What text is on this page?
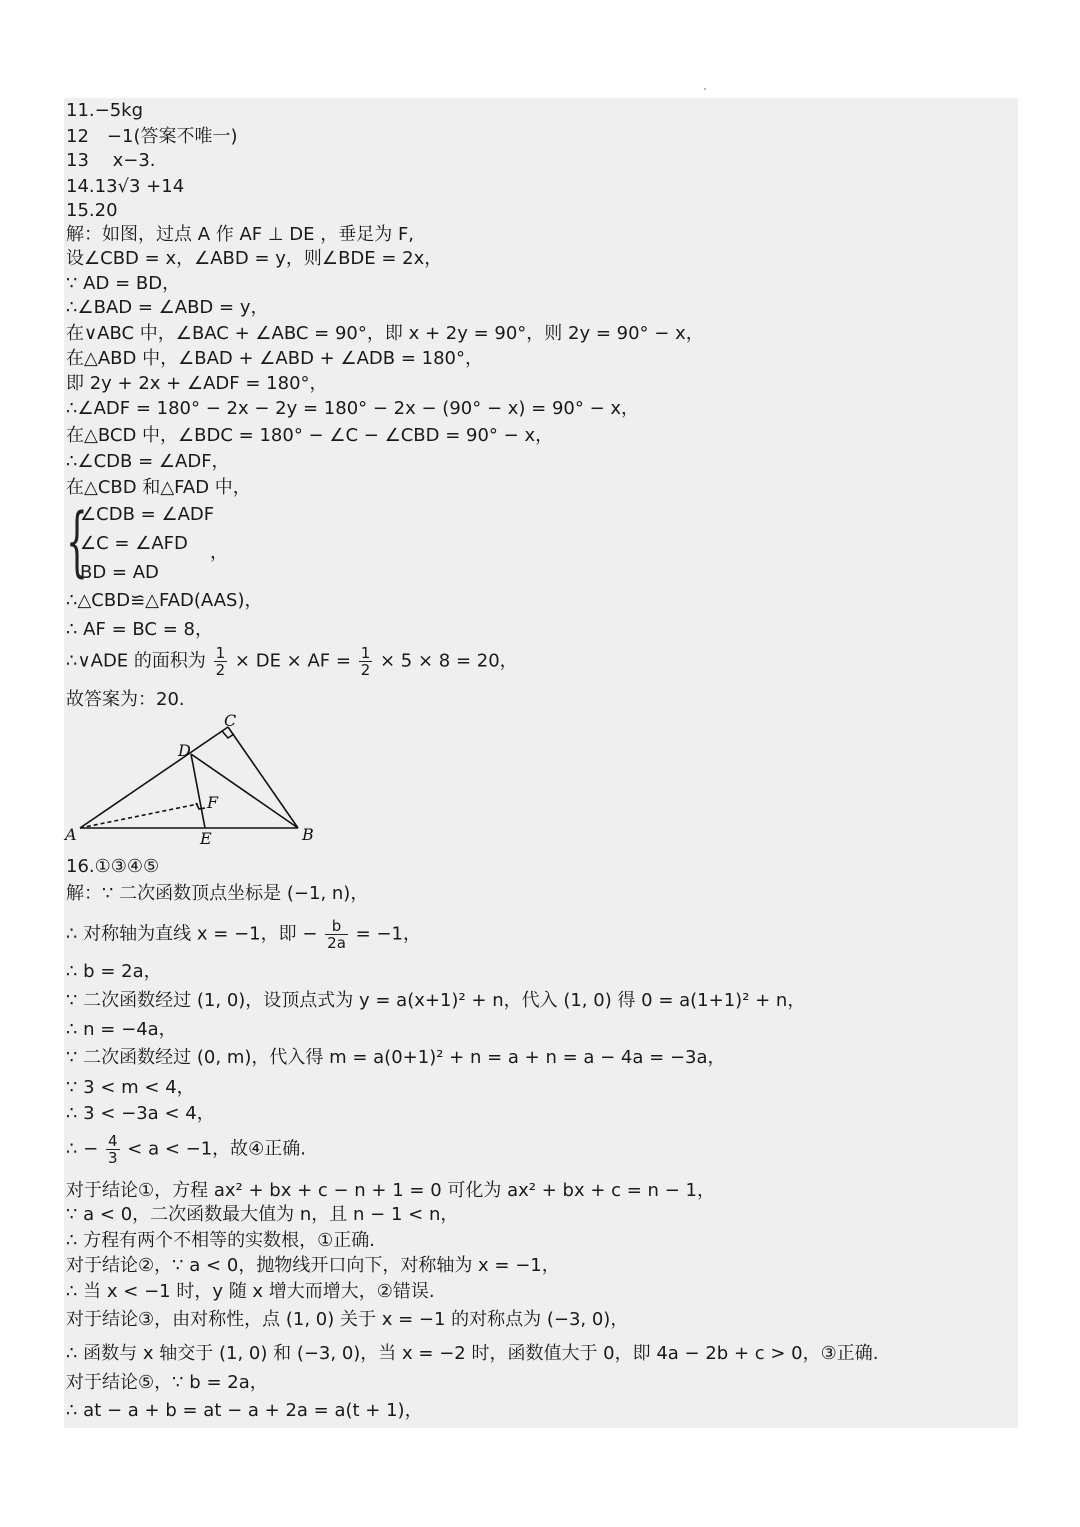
11.−5kg
12　−1(答案不唯一)
13　 x−3.
14.13√3 +14
15.20
解：如图，过点 A 作 AF ⊥ DE ，垂足为 F,
设∠CBD = x，∠ABD = y，则∠BDE = 2x，
∵ AD = BD，
∴∠BAD = ∠ABD = y，
在∨ABC 中，∠BAC + ∠ABC = 90°，即 x + 2y = 90°，则 2y = 90° − x，
在△ABD 中，∠BAD + ∠ABD + ∠ADB = 180°，
即 2y + 2x + ∠ADF = 180°，
∴∠ADF = 180° − 2x − 2y = 180° − 2x − (90° − x) = 90° − x，
在△BCD 中，∠BDC = 180° − ∠C − ∠CBD = 90° − x，
∴∠CDB = ∠ADF，
在△CBD 和△FAD 中，
{
∠CDB = ∠ADF
∠C = ∠AFD
BD = AD
，
∴△CBD≌△FAD(AAS)，
∴ AF = BC = 8，
∴∨ADE 的面积为 $\frac{1}{2}$ × DE × AF = $\frac{1}{2} \times 5 \times 8 = 20$，
故答案为：20.
C
D
F
A	E	B
16.①③④⑤
解：∵ 二次函数顶点坐标是 (−1, n)，
∴ 对称轴为直线 x = −1，即 − $\frac{b}{2a} = -1$，
∴ b = 2a，
∵ 二次函数经过 (1, 0)，设顶点式为 y = a(x+1)² + n，代入 (1, 0) 得 0 = a(1+1)² + n，
∴ n = −4a，
∵ 二次函数经过 (0, m)，代入得 m = a(0+1)² + n = a + n = a − 4a = −3a，
∵ 3 < m < 4，
∴ 3 < −3a < 4，
∴ − $\frac{4}{3} < a < -1$，故④正确.
对于结论①，方程 ax² + bx + c − n + 1 = 0 可化为 ax² + bx + c = n − 1，
∵ a < 0，二次函数最大值为 n，且 n − 1 < n，
∴ 方程有两个不相等的实数根，①正确.
对于结论②，∵ a < 0，抛物线开口向下，对称轴为 x = −1，
∴ 当 x < −1 时，y 随 x 增大而增大，②错误.
对于结论③，由对称性，点 (1, 0) 关于 x = −1 的对称点为 (−3, 0)，
∴ 函数与 x 轴交于 (1, 0) 和 (−3, 0)，当 x = −2 时，函数值大于 0，即 4a − 2b + c > 0，③正确.
对于结论⑤，∵ b = 2a，
∴ at − a + b = at − a + 2a = a(t + 1)，
